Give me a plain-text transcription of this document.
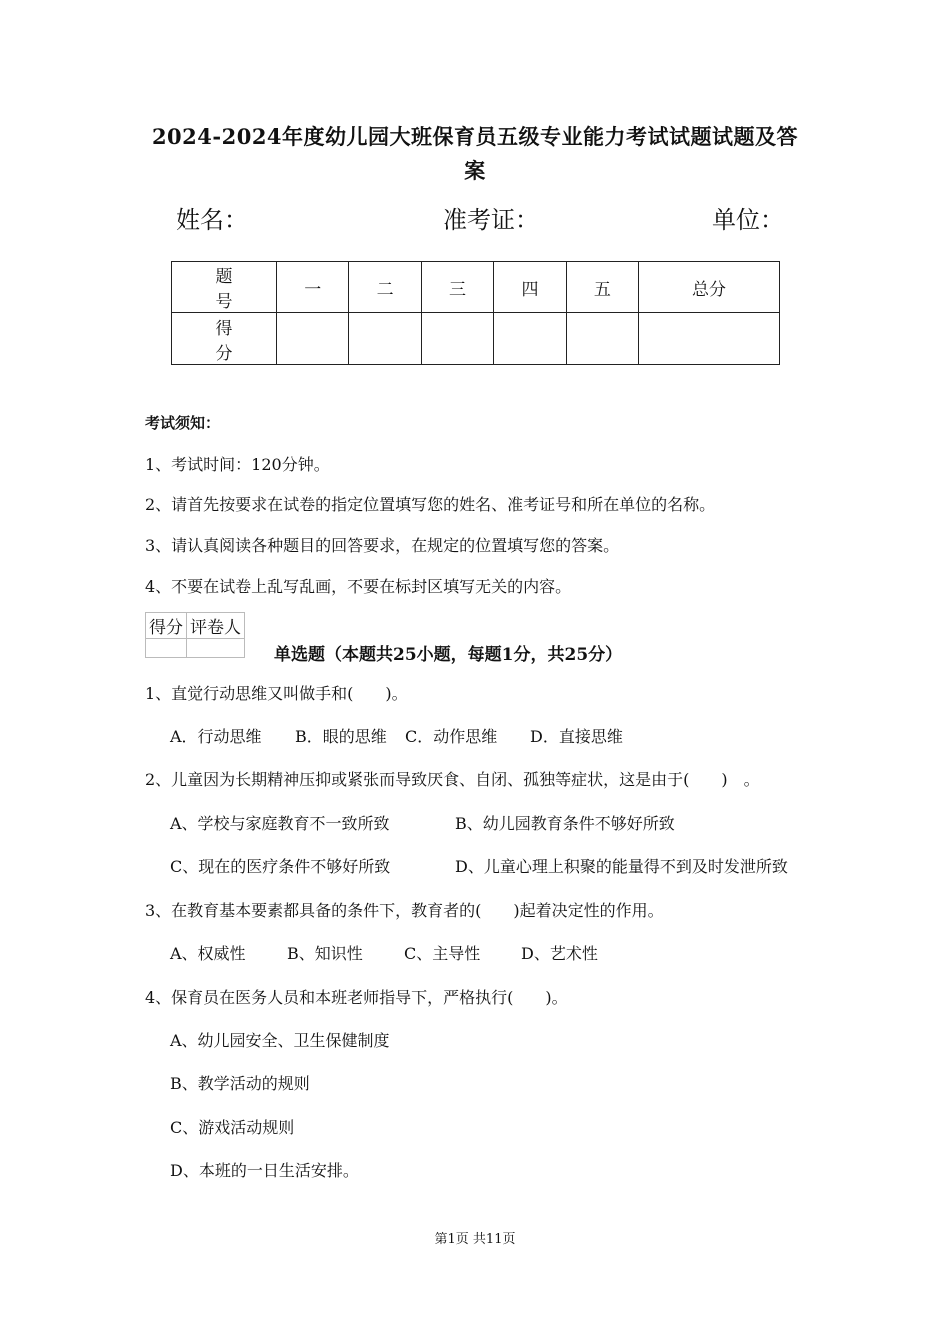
2024-2024年度幼儿园大班保育员五级专业能力考试试题试题及答
案
姓名：	准考证：	单位：
题 号	一	二	三	四	五	总分
得 分						
考试须知：
1、考试时间：120分钟。
2、请首先按要求在试卷的指定位置填写您的姓名、准考证号和所在单位的名称。
3、请认真阅读各种题目的回答要求，在规定的位置填写您的答案。
4、不要在试卷上乱写乱画，不要在标封区填写无关的内容。
得分	评卷人

单选题（本题共25小题，每题1分，共25分）
1、直觉行动思维又叫做手和(　　)。
A．行动思维 B．眼的思维 C．动作思维 D．直接思维
2、儿童因为长期精神压抑或紧张而导致厌食、自闭、孤独等症状，这是由于(　　)　。
A、学校与家庭教育不一致所致	B、幼儿园教育条件不够好所致
C、现在的医疗条件不够好所致	D、儿童心理上积聚的能量得不到及时发泄所致
3、在教育基本要素都具备的条件下，教育者的(　　)起着决定性的作用。
A、权威性	B、知识性	C、主导性	D、艺术性
4、保育员在医务人员和本班老师指导下，严格执行(　　)。
A、幼儿园安全、卫生保健制度
B、教学活动的规则
C、游戏活动规则
D、本班的一日生活安排。
第1页 共11页
